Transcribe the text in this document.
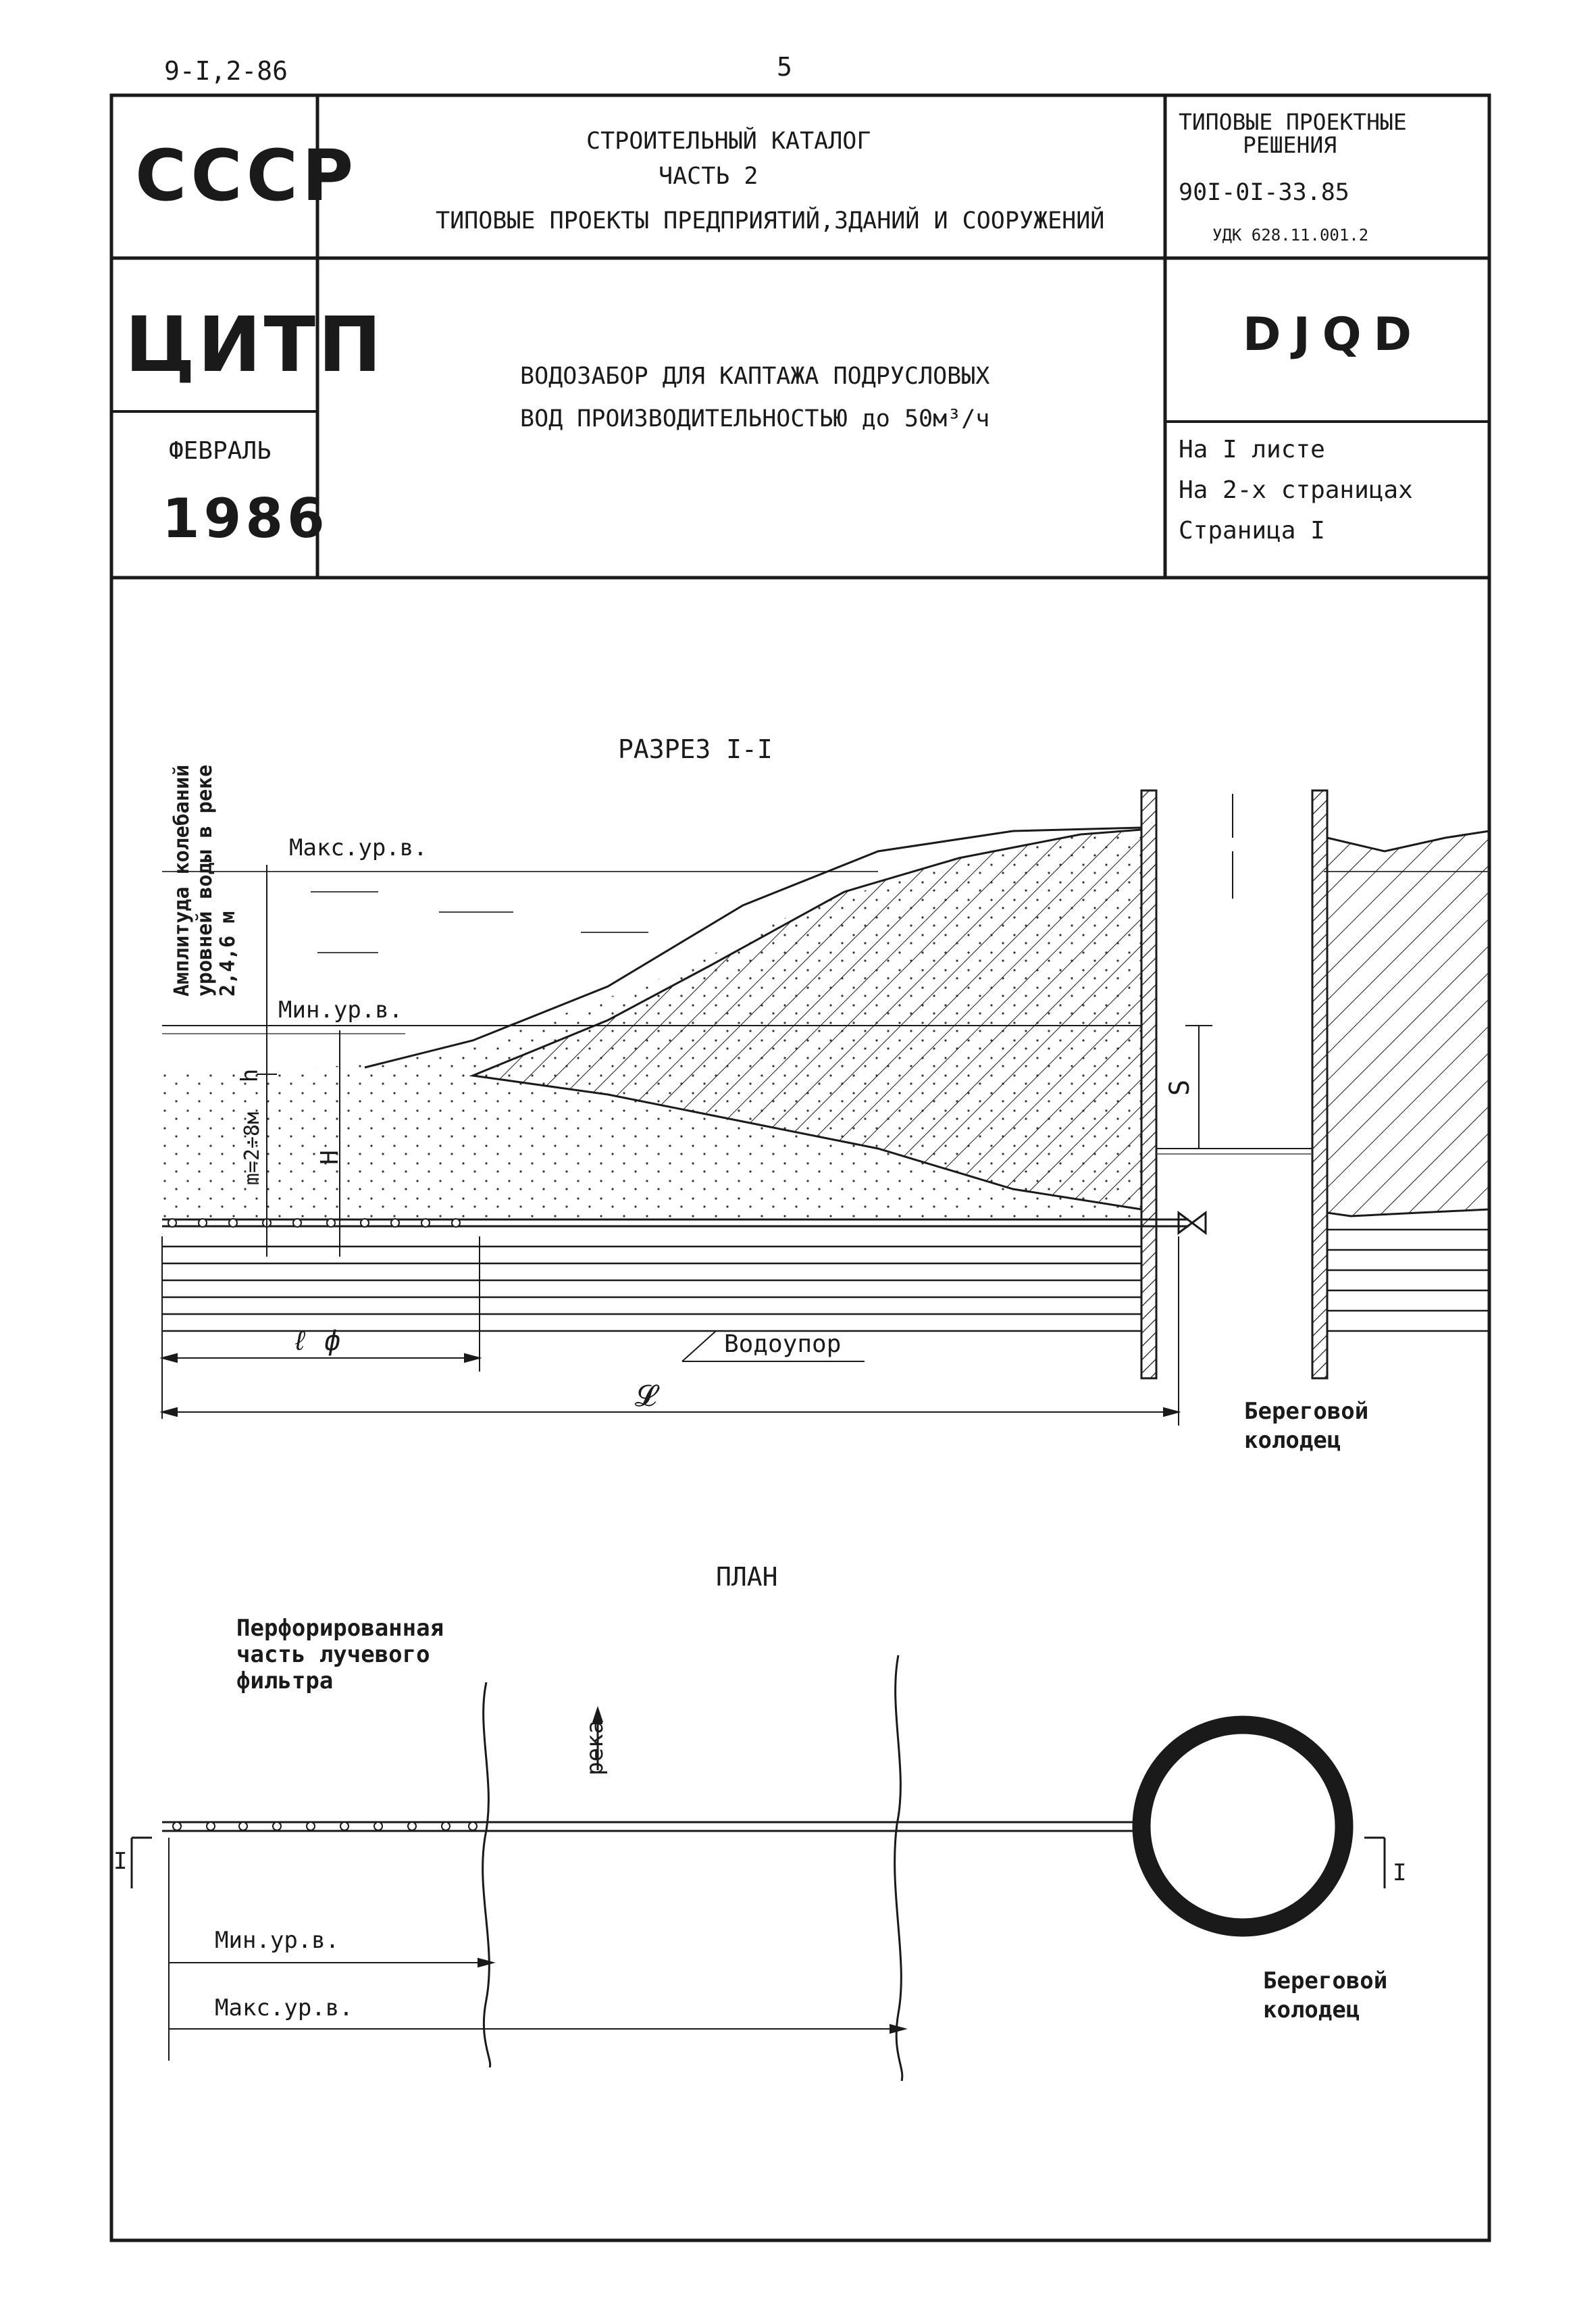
9-I,2-86	5
СССР
ЦИТП
ФЕВРАЛЬ
1986
СТРОИТЕЛЬНЫЙ КАТАЛОГ
ЧАСТЬ 2
ТИПОВЫЕ ПРОЕКТЫ ПРЕДПРИЯТИЙ,ЗДАНИЙ И СООРУЖЕНИЙ
ВОДОЗАБОР ДЛЯ КАПТАЖА ПОДРУСЛОВЫХ
ВОД ПРОИЗВОДИТЕЛЬНОСТЬЮ до 50м³/ч
ТИПОВЫЕ ПРОЕКТНЫЕ
РЕШЕНИЯ
90I-0I-33.85
УДК 628.11.001.2
DJQD
На I листе
На 2-х страницах
Страница I
РАЗРЕЗ I-I
Макс.ур.в.
Мин.ур.в.
h
m=2÷8м H
S
Водоупор
ℓ ф
𝓛	Береговой
колодец
Амплитуда колебаний уровней воды в реке 2,4,6 м
ПЛАН
Перфорированная
часть лучевого
фильтра
река
I	I
Мин.ур.в.
Макс.ур.в.
Береговой
колодец
